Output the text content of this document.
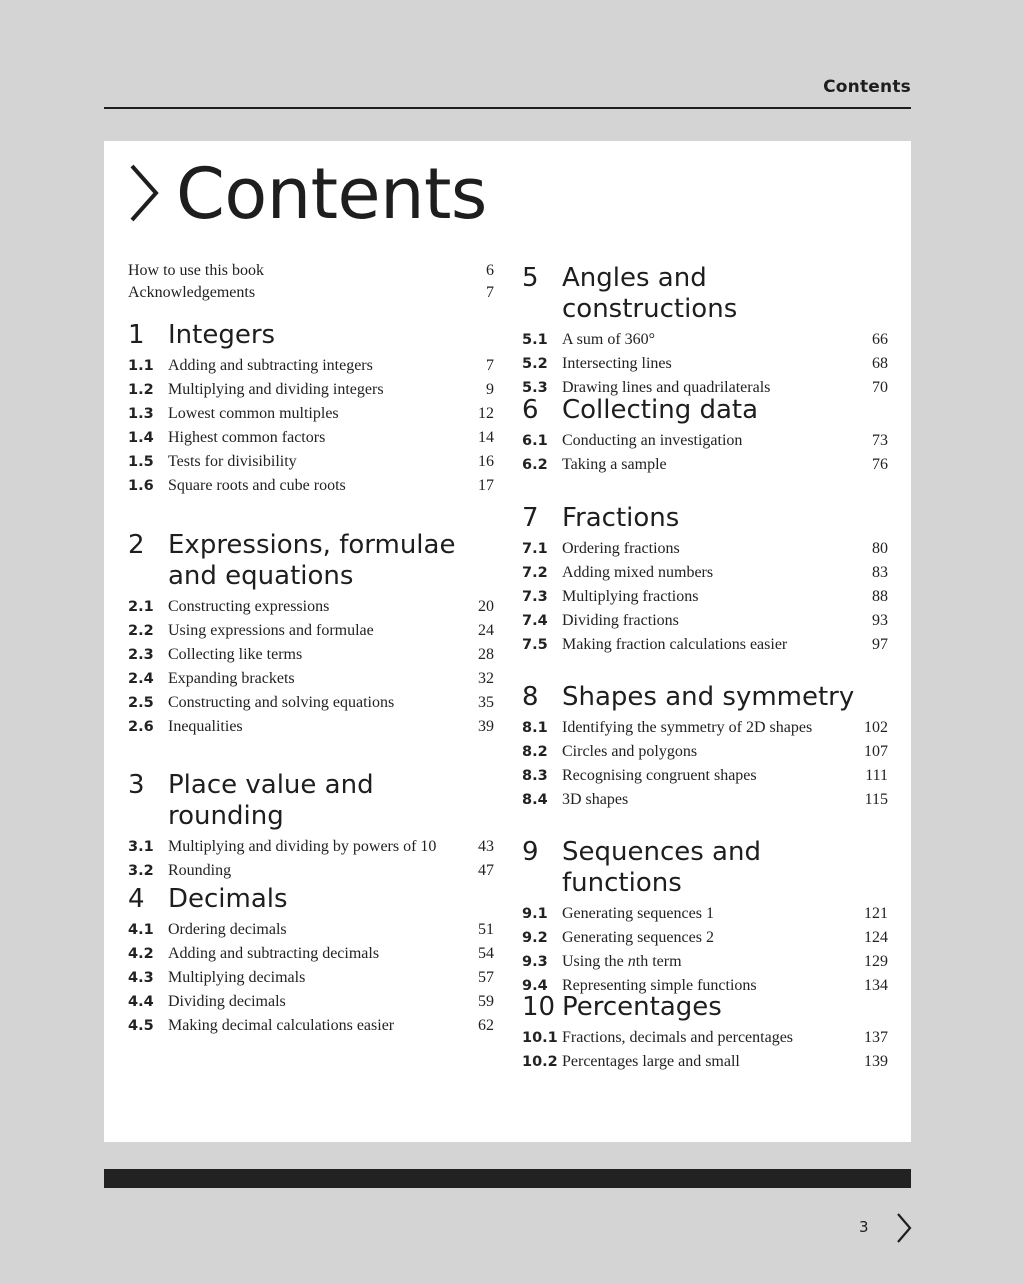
Contents
Contents
How to use this book	6
Acknowledgements	7
1 Integers
1.1 Adding and subtracting integers	7
1.2 Multiplying and dividing integers	9
1.3 Lowest common multiples	12
1.4 Highest common factors	14
1.5 Tests for divisibility	16
1.6 Square roots and cube roots	17
2 Expressions, formulae and equations
2.1 Constructing expressions	20
2.2 Using expressions and formulae	24
2.3 Collecting like terms	28
2.4 Expanding brackets	32
2.5 Constructing and solving equations	35
2.6 Inequalities	39
3 Place value and rounding
3.1 Multiplying and dividing by powers of 10	43
3.2 Rounding	47
4 Decimals
4.1 Ordering decimals	51
4.2 Adding and subtracting decimals	54
4.3 Multiplying decimals	57
4.4 Dividing decimals	59
4.5 Making decimal calculations easier	62
5 Angles and constructions
5.1 A sum of 360°	66
5.2 Intersecting lines	68
5.3 Drawing lines and quadrilaterals	70
6 Collecting data
6.1 Conducting an investigation	73
6.2 Taking a sample	76
7 Fractions
7.1 Ordering fractions	80
7.2 Adding mixed numbers	83
7.3 Multiplying fractions	88
7.4 Dividing fractions	93
7.5 Making fraction calculations easier	97
8 Shapes and symmetry
8.1 Identifying the symmetry of 2D shapes	102
8.2 Circles and polygons	107
8.3 Recognising congruent shapes	111
8.4 3D shapes	115
9 Sequences and functions
9.1 Generating sequences 1	121
9.2 Generating sequences 2	124
9.3 Using the nth term	129
9.4 Representing simple functions	134
10 Percentages
10.1 Fractions, decimals and percentages	137
10.2 Percentages large and small	139
3
